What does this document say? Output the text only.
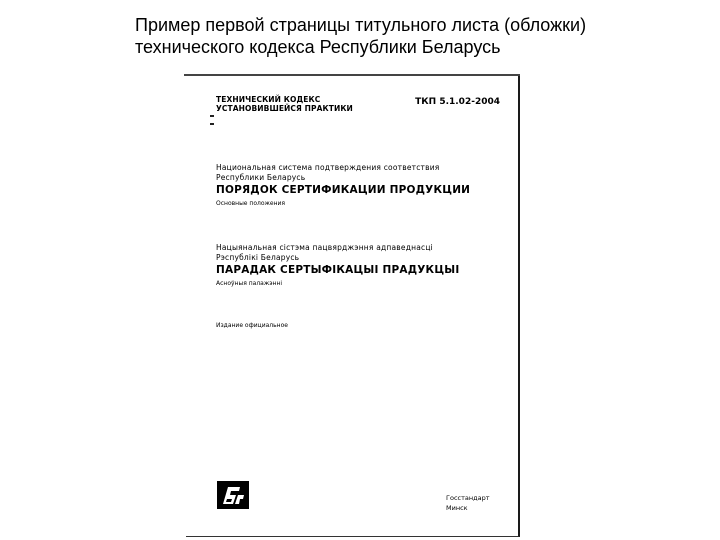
Пример первой страницы титульного листа (обложки)
технического кодекса Республики Беларусь
ТЕХНИЧЕСКИЙ КОДЕКС
УСТАНОВИВШЕЙСЯ ПРАКТИКИ
ТКП 5.1.02-2004
Национальная система подтверждения соответствия
Республики Беларусь
ПОРЯДОК СЕРТИФИКАЦИИ ПРОДУКЦИИ
Основные положения
Нацыянальная сістэма пацвярджэння адпаведнасці
Рэспублікі Беларусь
ПАРАДАК СЕРТЫФІКАЦЫІ ПРАДУКЦЫІ
Асноўныя палажэнні
Издание официальное
Госстандарт
Минск
